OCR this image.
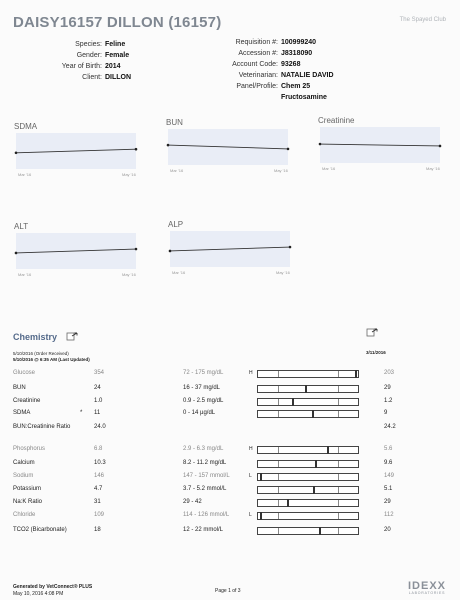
DAISY16157 DILLON (16157)	The Spayed Club
Species: Feline
Gender: Female
Year of Birth: 2014
Client: DILLON
Requisition #: 100999240
Accession #: J8318090
Account Code: 93268
Veterinarian: NATALIE DAVID
Panel/Profile: Chem 25
Fructosamine
SDMA
Mar '16
·
May '16
BUN
Mar '16
·
May '16
Creatinine
Mar '16
·
May '16
ALT
Mar '16
·
May '16
ALP
Mar '16
·
May '16
Chemistry
5/10/2016 (Order Received)
5/10/2016 @ 6:35 AM (Last Updated)
3/11/2016
Glucose	354	72 - 175 mg/dL	H	203
BUN	24	16 - 37 mg/dL	29
Creatinine	1.0	0.9 - 2.5 mg/dL	1.2
SDMA	* 11	0 - 14 µg/dL	9
BUN:Creatinine Ratio	24.0	24.2
Phosphorus	6.8	2.9 - 6.3 mg/dL	H	5.6
Calcium	10.3	8.2 - 11.2 mg/dL	9.6
Sodium	146	147 - 157 mmol/L	L	149
Potassium	4.7	3.7 - 5.2 mmol/L	5.1
Na:K Ratio	31	29 - 42	29
Chloride	109	114 - 126 mmol/L	L	112
TCO2 (Bicarbonate)	18	12 - 22 mmol/L	20
Generated by VetConnect® PLUS
May 10, 2016 4:08 PM	Page 1 of 3	IDEXX
LABORATORIES
